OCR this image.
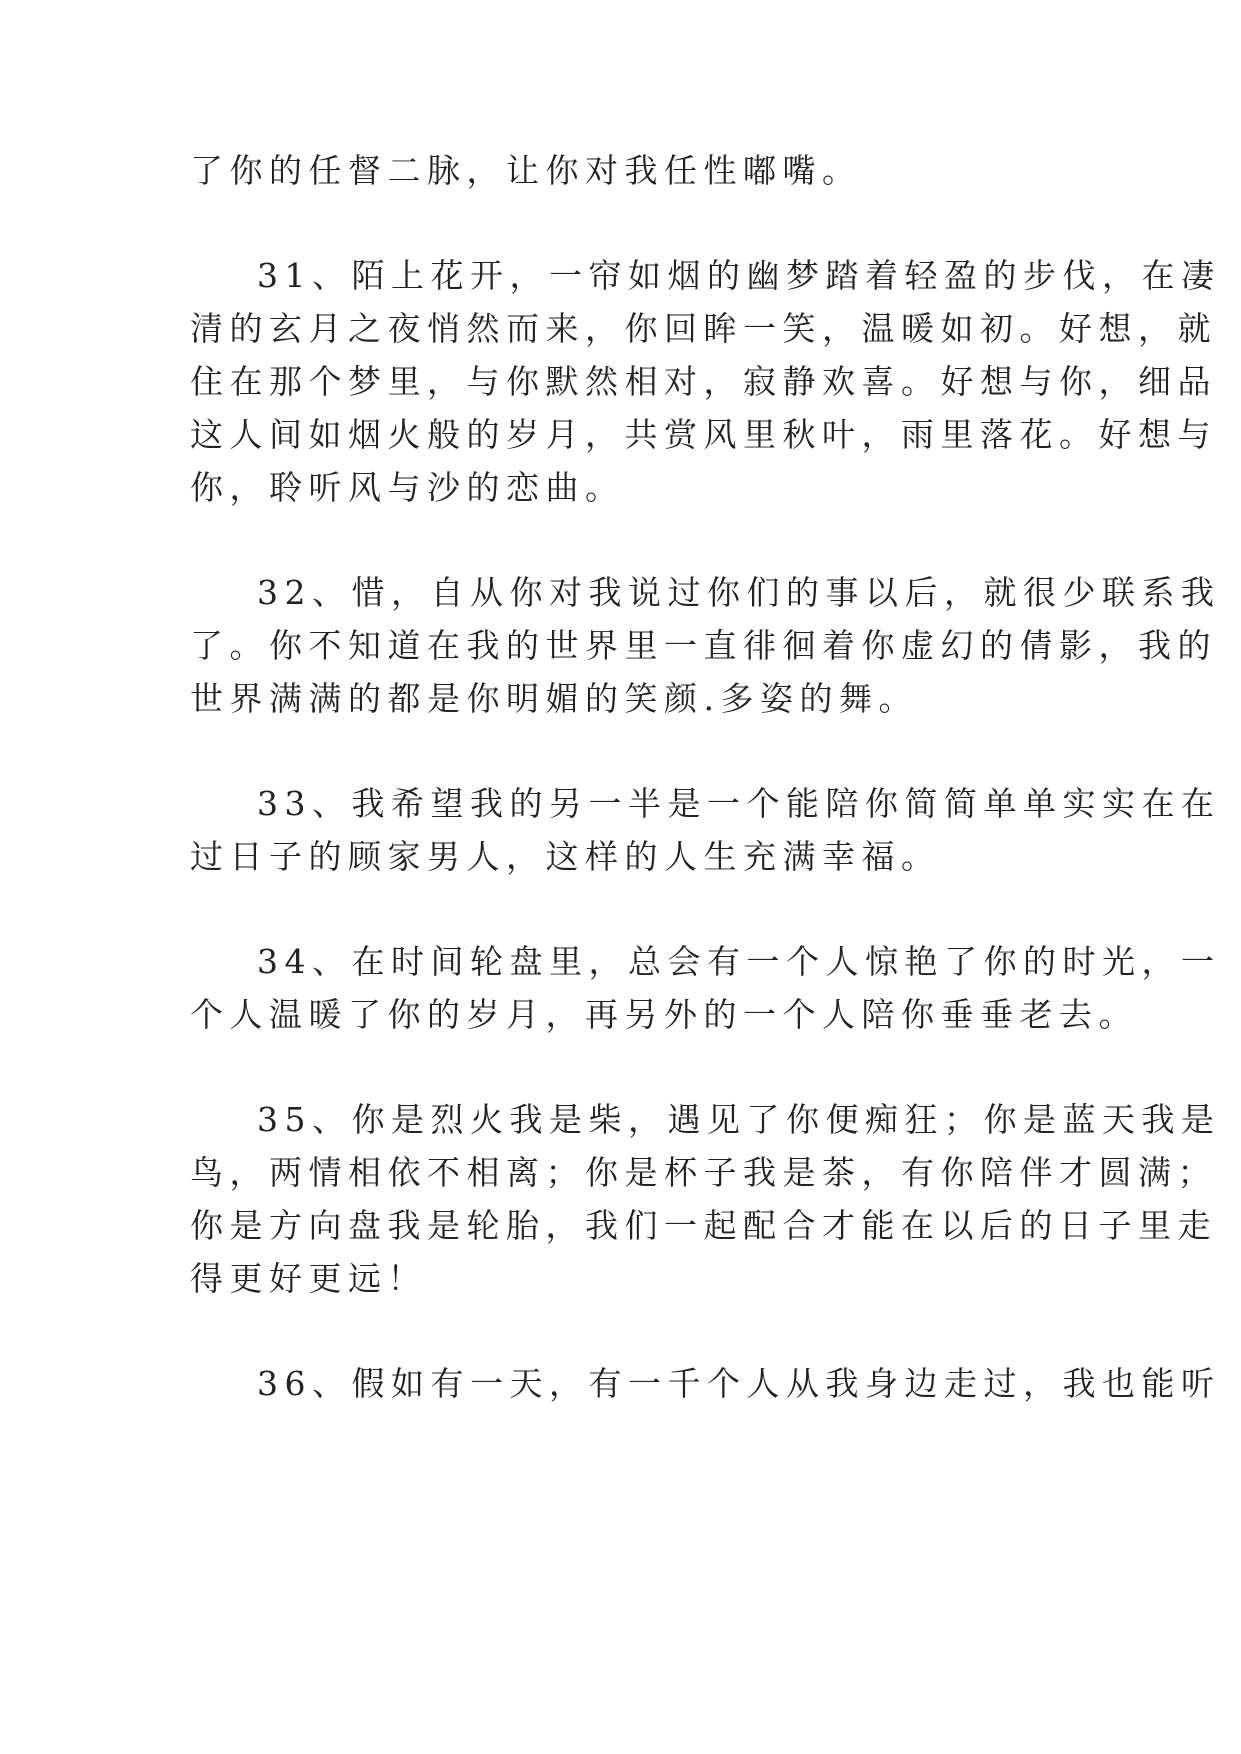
了你的任督二脉，让你对我任性嘟嘴。

31、陌上花开，一帘如烟的幽梦踏着轻盈的步伐，在凄

清的玄月之夜悄然而来，你回眸一笑，温暖如初。好想，就

住在那个梦里，与你默然相对，寂静欢喜。好想与你，细品

这人间如烟火般的岁月，共赏风里秋叶，雨里落花。好想与

你，聆听风与沙的恋曲。

32、惜，自从你对我说过你们的事以后，就很少联系我

了。你不知道在我的世界里一直徘徊着你虚幻的倩影，我的

世界满满的都是你明媚的笑颜.多姿的舞。

33、我希望我的另一半是一个能陪你简简单单实实在在

过日子的顾家男人，这样的人生充满幸福。

34、在时间轮盘里，总会有一个人惊艳了你的时光，一

个人温暖了你的岁月，再另外的一个人陪你垂垂老去。

35、你是烈火我是柴，遇见了你便痴狂；你是蓝天我是

鸟，两情相依不相离；你是杯子我是茶，有你陪伴才圆满；

你是方向盘我是轮胎，我们一起配合才能在以后的日子里走

得更好更远！

36、假如有一天，有一千个人从我身边走过，我也能听
